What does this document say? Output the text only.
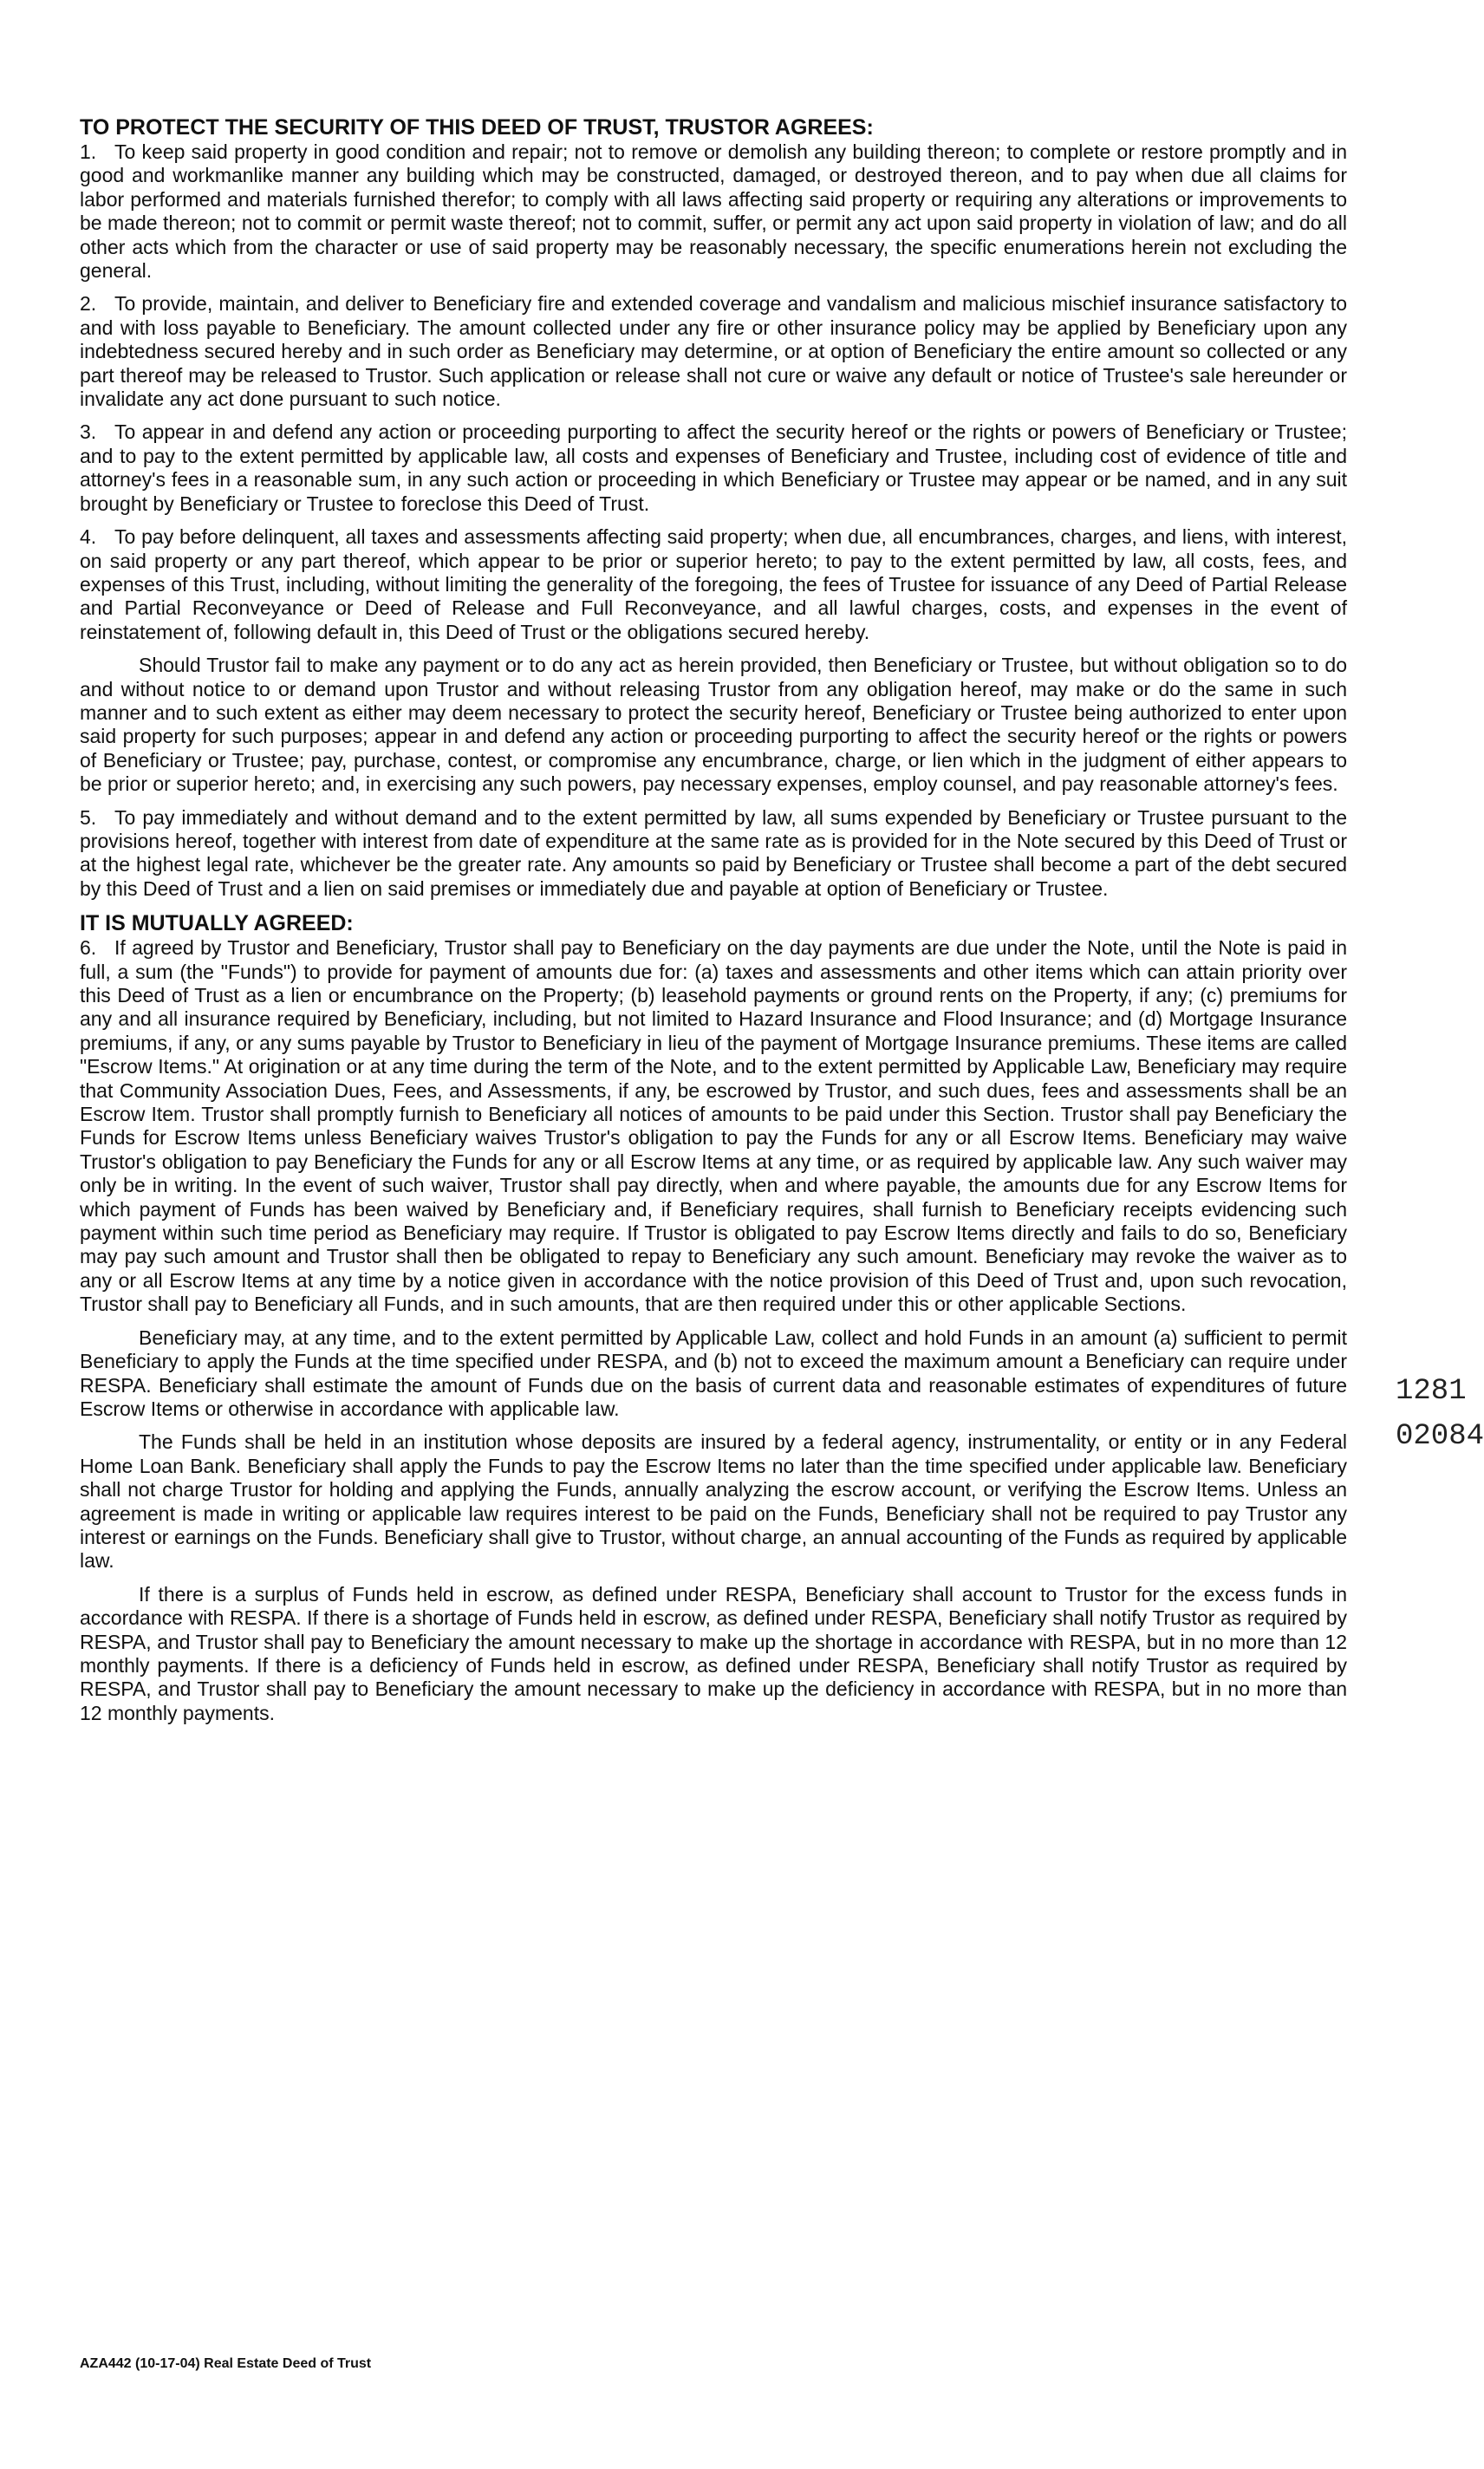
TO PROTECT THE SECURITY OF THIS DEED OF TRUST, TRUSTOR AGREES:

1. To keep said property in good condition and repair; not to remove or demolish any building thereon; to complete or restore promptly and in good and workmanlike manner any building which may be constructed, damaged, or destroyed thereon, and to pay when due all claims for labor performed and materials furnished therefor; to comply with all laws affecting said property or requiring any alterations or improvements to be made thereon; not to commit or permit waste thereof; not to commit, suffer, or permit any act upon said property in violation of law; and do all other acts which from the character or use of said property may be reasonably necessary, the specific enumerations herein not excluding the general.

2. To provide, maintain, and deliver to Beneficiary fire and extended coverage and vandalism and malicious mischief insurance satisfactory to and with loss payable to Beneficiary. The amount collected under any fire or other insurance policy may be applied by Beneficiary upon any indebtedness secured hereby and in such order as Beneficiary may determine, or at option of Beneficiary the entire amount so collected or any part thereof may be released to Trustor. Such application or release shall not cure or waive any default or notice of Trustee's sale hereunder or invalidate any act done pursuant to such notice.

3. To appear in and defend any action or proceeding purporting to affect the security hereof or the rights or powers of Beneficiary or Trustee; and to pay to the extent permitted by applicable law, all costs and expenses of Beneficiary and Trustee, including cost of evidence of title and attorney's fees in a reasonable sum, in any such action or proceeding in which Beneficiary or Trustee may appear or be named, and in any suit brought by Beneficiary or Trustee to foreclose this Deed of Trust.

4. To pay before delinquent, all taxes and assessments affecting said property; when due, all encumbrances, charges, and liens, with interest, on said property or any part thereof, which appear to be prior or superior hereto; to pay to the extent permitted by law, all costs, fees, and expenses of this Trust, including, without limiting the generality of the foregoing, the fees of Trustee for issuance of any Deed of Partial Release and Partial Reconveyance or Deed of Release and Full Reconveyance, and all lawful charges, costs, and expenses in the event of reinstatement of, following default in, this Deed of Trust or the obligations secured hereby.

Should Trustor fail to make any payment or to do any act as herein provided, then Beneficiary or Trustee, but without obligation so to do and without notice to or demand upon Trustor and without releasing Trustor from any obligation hereof, may make or do the same in such manner and to such extent as either may deem necessary to protect the security hereof, Beneficiary or Trustee being authorized to enter upon said property for such purposes; appear in and defend any action or proceeding purporting to affect the security hereof or the rights or powers of Beneficiary or Trustee; pay, purchase, contest, or compromise any encumbrance, charge, or lien which in the judgment of either appears to be prior or superior hereto; and, in exercising any such powers, pay necessary expenses, employ counsel, and pay reasonable attorney's fees.

5. To pay immediately and without demand and to the extent permitted by law, all sums expended by Beneficiary or Trustee pursuant to the provisions hereof, together with interest from date of expenditure at the same rate as is provided for in the Note secured by this Deed of Trust or at the highest legal rate, whichever be the greater rate. Any amounts so paid by Beneficiary or Trustee shall become a part of the debt secured by this Deed of Trust and a lien on said premises or immediately due and payable at option of Beneficiary or Trustee.

IT IS MUTUALLY AGREED:

6. If agreed by Trustor and Beneficiary, Trustor shall pay to Beneficiary on the day payments are due under the Note, until the Note is paid in full, a sum (the "Funds") to provide for payment of amounts due for: (a) taxes and assessments and other items which can attain priority over this Deed of Trust as a lien or encumbrance on the Property; (b) leasehold payments or ground rents on the Property, if any; (c) premiums for any and all insurance required by Beneficiary, including, but not limited to Hazard Insurance and Flood Insurance; and (d) Mortgage Insurance premiums, if any, or any sums payable by Trustor to Beneficiary in lieu of the payment of Mortgage Insurance premiums. These items are called "Escrow Items." At origination or at any time during the term of the Note, and to the extent permitted by Applicable Law, Beneficiary may require that Community Association Dues, Fees, and Assessments, if any, be escrowed by Trustor, and such dues, fees and assessments shall be an Escrow Item. Trustor shall promptly furnish to Beneficiary all notices of amounts to be paid under this Section. Trustor shall pay Beneficiary the Funds for Escrow Items unless Beneficiary waives Trustor's obligation to pay the Funds for any or all Escrow Items. Beneficiary may waive Trustor's obligation to pay Beneficiary the Funds for any or all Escrow Items at any time, or as required by applicable law. Any such waiver may only be in writing. In the event of such waiver, Trustor shall pay directly, when and where payable, the amounts due for any Escrow Items for which payment of Funds has been waived by Beneficiary and, if Beneficiary requires, shall furnish to Beneficiary receipts evidencing such payment within such time period as Beneficiary may require. If Trustor is obligated to pay Escrow Items directly and fails to do so, Beneficiary may pay such amount and Trustor shall then be obligated to repay to Beneficiary any such amount. Beneficiary may revoke the waiver as to any or all Escrow Items at any time by a notice given in accordance with the notice provision of this Deed of Trust and, upon such revocation, Trustor shall pay to Beneficiary all Funds, and in such amounts, that are then required under this or other applicable Sections.

Beneficiary may, at any time, and to the extent permitted by Applicable Law, collect and hold Funds in an amount (a) sufficient to permit Beneficiary to apply the Funds at the time specified under RESPA, and (b) not to exceed the maximum amount a Beneficiary can require under RESPA. Beneficiary shall estimate the amount of Funds due on the basis of current data and reasonable estimates of expenditures of future Escrow Items or otherwise in accordance with applicable law.

The Funds shall be held in an institution whose deposits are insured by a federal agency, instrumentality, or entity or in any Federal Home Loan Bank. Beneficiary shall apply the Funds to pay the Escrow Items no later than the time specified under applicable law. Beneficiary shall not charge Trustor for holding and applying the Funds, annually analyzing the escrow account, or verifying the Escrow Items. Unless an agreement is made in writing or applicable law requires interest to be paid on the Funds, Beneficiary shall not be required to pay Trustor any interest or earnings on the Funds. Beneficiary shall give to Trustor, without charge, an annual accounting of the Funds as required by applicable law.

If there is a surplus of Funds held in escrow, as defined under RESPA, Beneficiary shall account to Trustor for the excess funds in accordance with RESPA. If there is a shortage of Funds held in escrow, as defined under RESPA, Beneficiary shall notify Trustor as required by RESPA, and Trustor shall pay to Beneficiary the amount necessary to make up the shortage in accordance with RESPA, but in no more than 12 monthly payments. If there is a deficiency of Funds held in escrow, as defined under RESPA, Beneficiary shall notify Trustor as required by RESPA, and Trustor shall pay to Beneficiary the amount necessary to make up the deficiency in accordance with RESPA, but in no more than 12 monthly payments.

AZA442 (10-17-04) Real Estate Deed of Trust
1281
02084
